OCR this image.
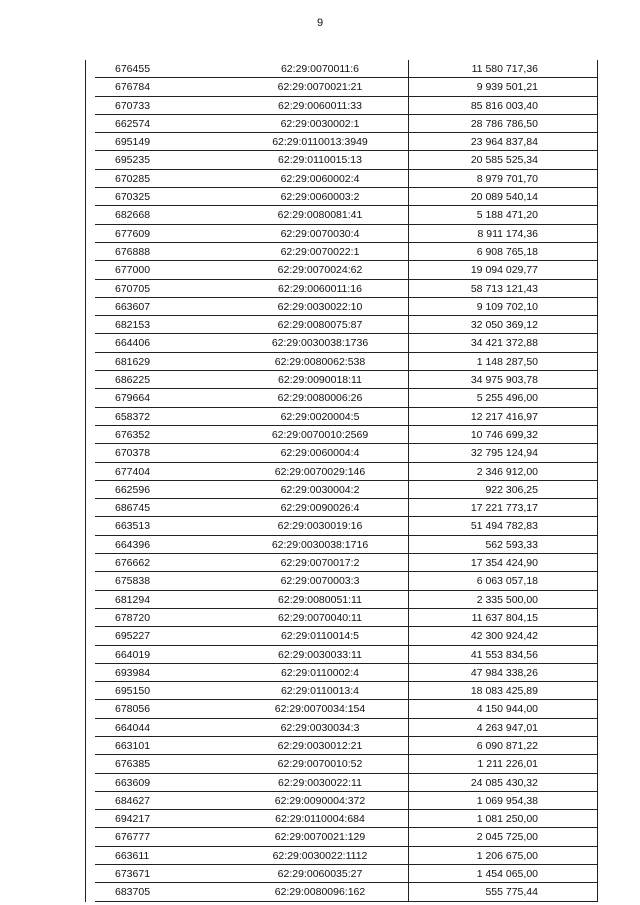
9
676455	62:29:0070011:6	11 580 717,36
676784	62:29:0070021:21	9 939 501,21
670733	62:29:0060011:33	85 816 003,40
662574	62:29:0030002:1	28 786 786,50
695149	62:29:0110013:3949	23 964 837,84
695235	62:29:0110015:13	20 585 525,34
670285	62:29:0060002:4	8 979 701,70
670325	62:29:0060003:2	20 089 540,14
682668	62:29:0080081:41	5 188 471,20
677609	62:29:0070030:4	8 911 174,36
676888	62:29:0070022:1	6 908 765,18
677000	62:29:0070024:62	19 094 029,77
670705	62:29:0060011:16	58 713 121,43
663607	62:29:0030022:10	9 109 702,10
682153	62:29:0080075:87	32 050 369,12
664406	62:29:0030038:1736	34 421 372,88
681629	62:29:0080062:538	1 148 287,50
686225	62:29:0090018:11	34 975 903,78
679664	62:29:0080006:26	5 255 496,00
658372	62:29:0020004:5	12 217 416,97
676352	62:29:0070010:2569	10 746 699,32
670378	62:29:0060004:4	32 795 124,94
677404	62:29:0070029:146	2 346 912,00
662596	62:29:0030004:2	922 306,25
686745	62:29:0090026:4	17 221 773,17
663513	62:29:0030019:16	51 494 782,83
664396	62:29:0030038:1716	562 593,33
676662	62:29:0070017:2	17 354 424,90
675838	62:29:0070003:3	6 063 057,18
681294	62:29:0080051:11	2 335 500,00
678720	62:29:0070040:11	11 637 804,15
695227	62:29:0110014:5	42 300 924,42
664019	62:29:0030033:11	41 553 834,56
693984	62:29:0110002:4	47 984 338,26
695150	62:29:0110013:4	18 083 425,89
678056	62:29:0070034:154	4 150 944,00
664044	62:29:0030034:3	4 263 947,01
663101	62:29:0030012:21	6 090 871,22
676385	62:29:0070010:52	1 211 226,01
663609	62:29:0030022:11	24 085 430,32
684627	62:29:0090004:372	1 069 954,38
694217	62:29:0110004:684	1 081 250,00
676777	62:29:0070021:129	2 045 725,00
663611	62:29:0030022:1112	1 206 675,00
673671	62:29:0060035:27	1 454 065,00
683705	62:29:0080096:162	555 775,44
